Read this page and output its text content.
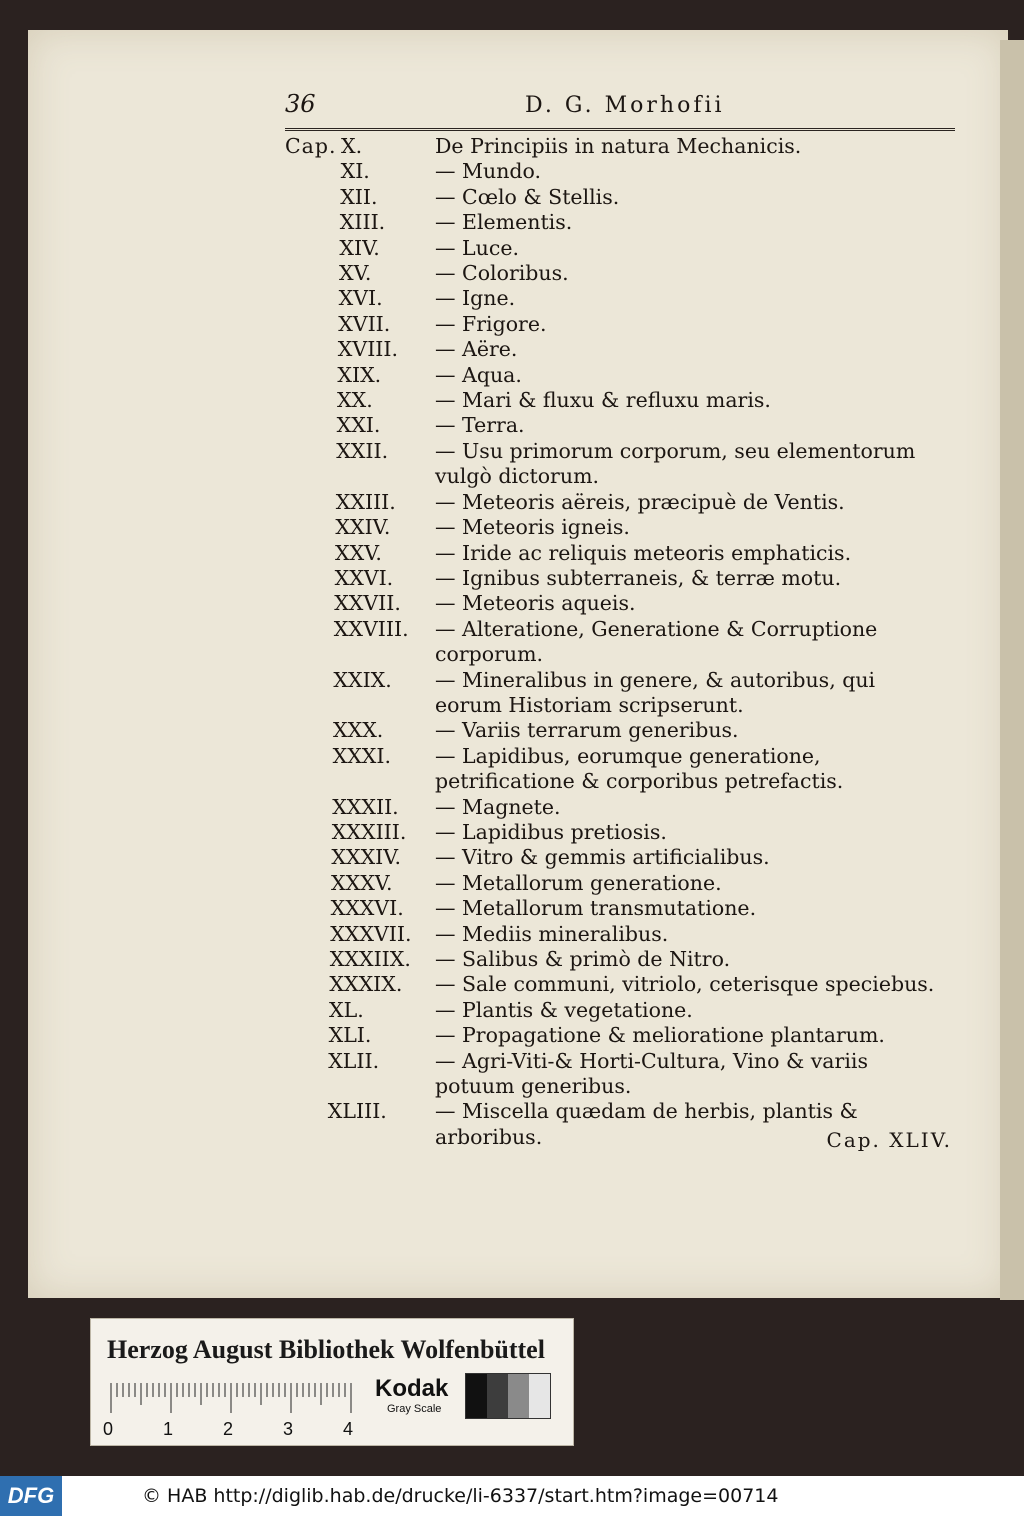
36	D. G. Morhofii
Cap. X.	De Principiis in natura Mechanicis.
XI.	— Mundo.
XII.	— Cœlo & Stellis.
XIII. — Elementis.
XIV.	— Luce.
XV.	— Coloribus.
XVI.	— Igne.
XVII. — Frigore.
XVIII. — Aëre.
XIX.	— Aqua.
XX.	— Mari & fluxu & refluxu maris.
XXI.	— Terra.
XXII. — Usu primorum corporum, seu elementorum vulgò dictorum.
XXIII. — Meteoris aëreis, præcipuè de Ventis.
XXIV. — Meteoris igneis.
XXV.	— Iride ac reliquis meteoris emphaticis.
XXVI. — Ignibus subterraneis, & terræ motu.
XXVII. — Meteoris aqueis.
XXVIII. — Alteratione, Generatione & Corruptione corporum.
XXIX. — Mineralibus in genere, & autoribus, qui eorum Historiam scripserunt.
XXX.	— Variis terrarum generibus.
XXXI. — Lapidibus, eorumque generatione, petrificatione & corporibus petrefactis.
XXXII. — Magnete.
XXXIII. — Lapidibus pretiosis.
XXXIV. — Vitro & gemmis artificialibus.
XXXV. — Metallorum generatione.
XXXVI. — Metallorum transmutatione.
XXXVII. — Mediis mineralibus.
XXXIIX. — Salibus & primò de Nitro.
XXXIX. — Sale communi, vitriolo, ceterisque speciebus.
XL.	— Plantis & vegetatione.
XLI.	— Propagatione & melioratione plantarum.
XLII.	— Agri-Viti-& Horti-Cultura, Vino & variis potuum generibus.
XLIII. — Miscella quædam de herbis, plantis & arboribus.	Cap. XLIV.
Herzog August Bibliothek Wolfenbüttel
0	1	2	3	4
Kodak
Gray Scale
DFG	© HAB http://diglib.hab.de/drucke/li-6337/start.htm?image=00714
